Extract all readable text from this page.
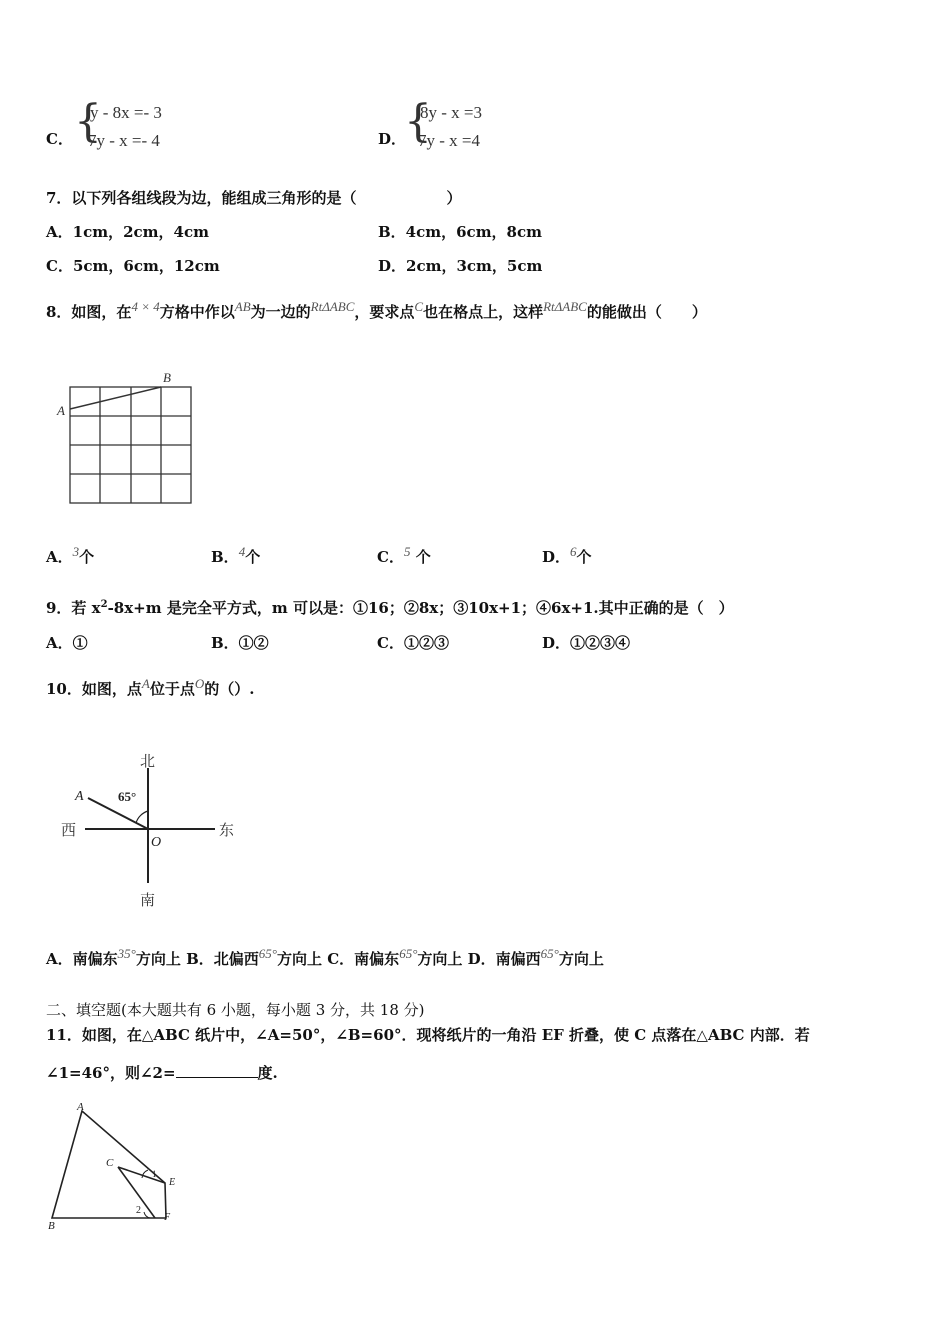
C． {
y - 8x =- 3
7y - x =- 4	D．
{
8y - x =3
7y - x =4
7．以下列各组线段为边，能组成三角形的是（　　　　　　）
A．1cm，2cm，4cm	B．4cm，6cm，8cm
C．5cm，6cm，12cm	D．2cm，3cm，5cm
8．如图，在4 × 4方格中作以AB为一边的RtΔABC，要求点C也在格点上，这样RtΔABC的能做出（　　）
A
B
A．3个	B．4个	C．5 个	D．6个
9．若 $x^2-8x+m$ 是完全平方式，m 可以是：①16；②8x；③10x+1；④6x+1.其中正确的是（　）
A．①	B．①②	C．①②③	D．①②③④
10．如图，点A位于点O的（）.
北
南
西	东
A
O
65°
A．南偏东35°方向上 B．北偏西65°方向上 C．南偏东65°方向上 D．南偏西65°方向上
二、填空题(本大题共有 6 小题，每小题 3 分，共 18 分)
11．如图，在△ABC 纸片中，∠A=50°，∠B=60°．现将纸片的一角沿 EF 折叠，使 C 点落在△ABC 内部．若
∠1=46°，则∠2=	度.
A
B
C
E
F
1
2
